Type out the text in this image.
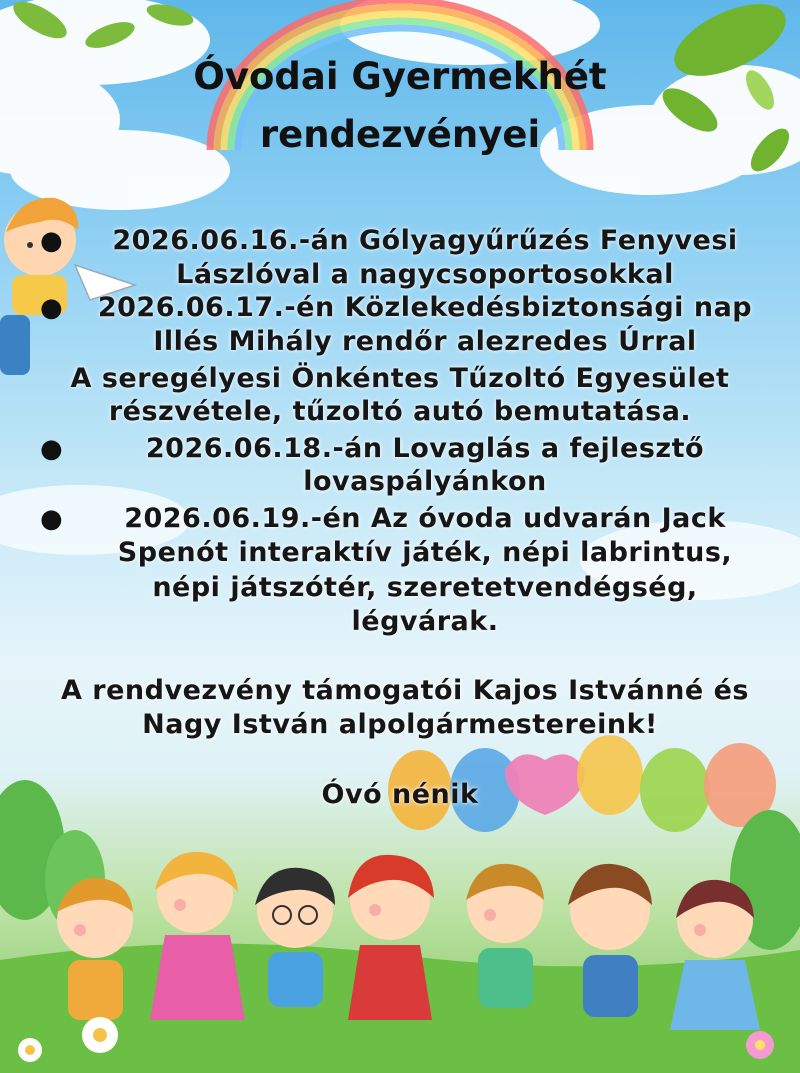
Óvodai Gyermekhét
rendezvényei
●	2026.06.16.-án Gólyagyűrűzés Fenyvesi
Lászlóval a nagycsoportosokkal
●	2026.06.17.-én Közlekedésbiztonsági nap
Illés Mihály rendőr alezredes Úrral
A seregélyesi Önkéntes Tűzoltó Egyesület
részvétele, tűzoltó autó bemutatása.
●	2026.06.18.-án Lovaglás a fejlesztő
lovaspályánkon
●	2026.06.19.-én Az óvoda udvarán Jack
Spenót interaktív játék, népi labrintus,
népi játszótér, szeretetvendégség,
légvárak.
A rendvezvény támogatói Kajos Istvánné és
Nagy István alpolgármestereink!
Óvó nénik
